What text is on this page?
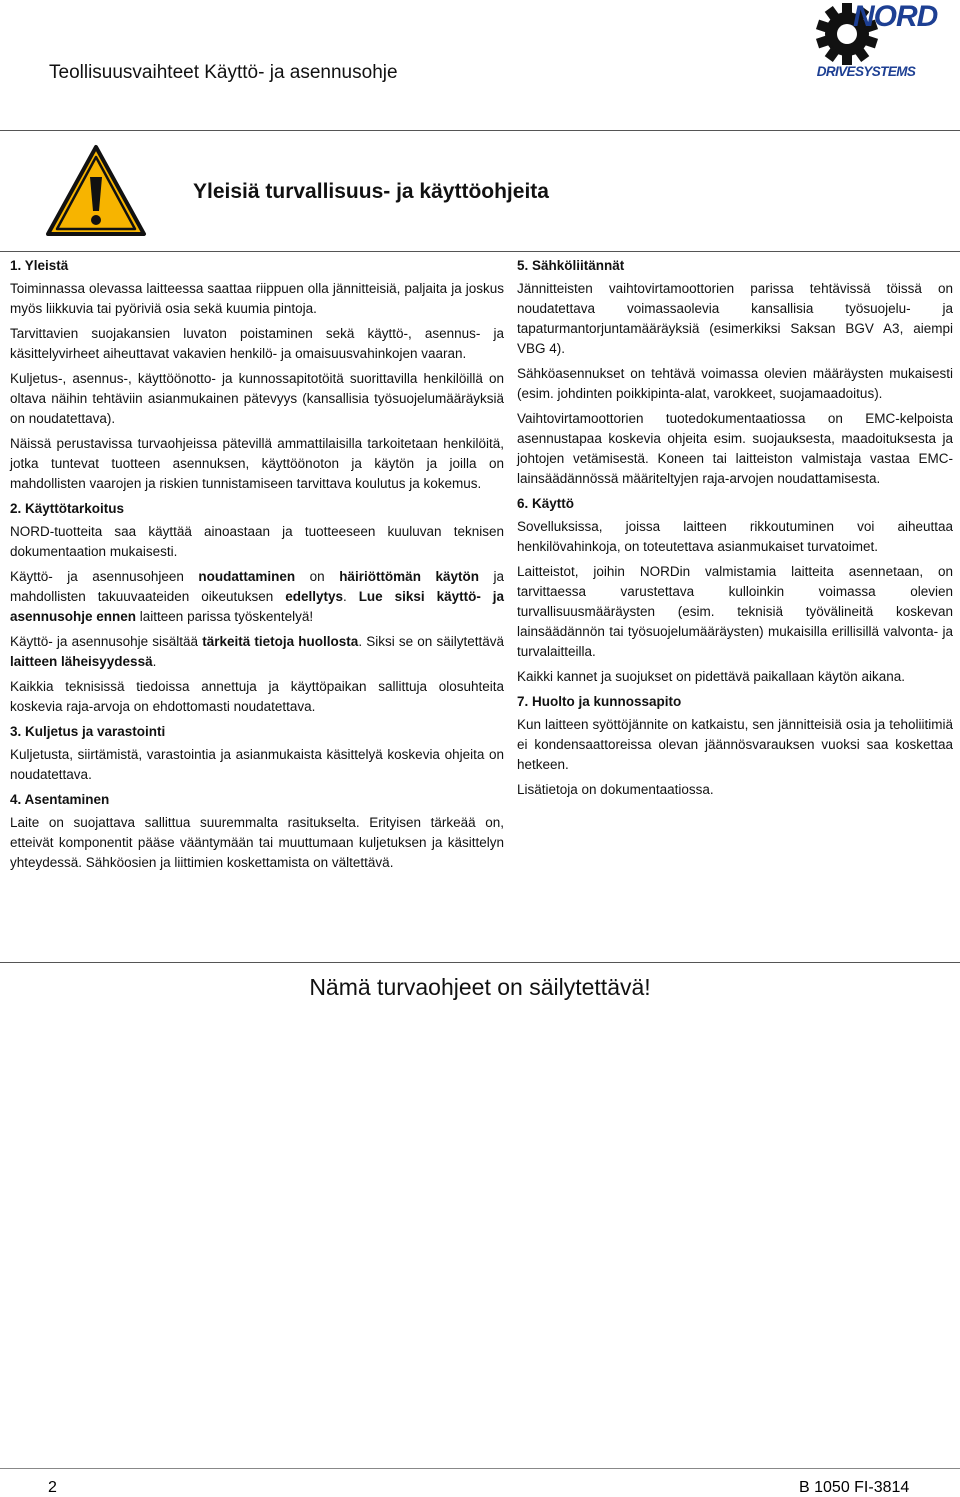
Teollisuusvaihteet Käyttö- ja asennusohje
NORD
DRIVESYSTEMS
Yleisiä turvallisuus- ja käyttöohjeita
1. Yleistä

Toiminnassa olevassa laitteessa saattaa riippuen olla jännitteisiä, paljaita ja joskus myös liikkuvia tai pyöriviä osia sekä kuumia pintoja.

Tarvittavien suojakansien luvaton poistaminen sekä käyttö-, asennus- ja käsittelyvirheet aiheuttavat vakavien henkilö- ja omaisuusvahinkojen vaaran.

Kuljetus-, asennus-, käyttöönotto- ja kunnossapitotöitä suorittavilla henkilöillä on oltava näihin tehtäviin asianmukainen pätevyys (kansallisia työsuojelumääräyksiä on noudatettava).

Näissä perustavissa turvaohjeissa pätevillä ammattilaisilla tarkoitetaan henkilöitä, jotka tuntevat tuotteen asennuksen, käyttöönoton ja käytön ja joilla on mahdollisten vaarojen ja riskien tunnistamiseen tarvittava koulutus ja kokemus.

2. Käyttötarkoitus

NORD-tuotteita saa käyttää ainoastaan ja tuotteeseen kuuluvan teknisen dokumentaation mukaisesti.

Käyttö- ja asennusohjeen noudattaminen on häiriöttömän käytön ja mahdollisten takuuvaateiden oikeutuksen edellytys. Lue siksi käyttö- ja asennusohje ennen laitteen parissa työskentelyä!

Käyttö- ja asennusohje sisältää tärkeitä tietoja huollosta. Siksi se on säilytettävä laitteen läheisyydessä.

Kaikkia teknisissä tiedoissa annettuja ja käyttöpaikan sallittuja olosuhteita koskevia raja-arvoja on ehdottomasti noudatettava.

3. Kuljetus ja varastointi

Kuljetusta, siirtämistä, varastointia ja asianmukaista käsittelyä koskevia ohjeita on noudatettava.

4. Asentaminen

Laite on suojattava sallittua suuremmalta rasitukselta. Erityisen tärkeää on, etteivät komponentit pääse vääntymään tai muuttumaan kuljetuksen ja käsittelyn yhteydessä. Sähköosien ja liittimien koskettamista on vältettävä.

5. Sähköliitännät

Jännitteisten vaihtovirtamoottorien parissa tehtävissä töissä on noudatettava voimassaolevia kansallisia työsuojelu- ja tapaturmantorjuntamääräyksiä (esimerkiksi Saksan BGV A3, aiempi VBG 4).

Sähköasennukset on tehtävä voimassa olevien määräysten mukaisesti (esim. johdinten poikkipinta-alat, varokkeet, suojamaadoitus).

Vaihtovirtamoottorien tuotedokumentaatiossa on EMC-kelpoista asennustapaa koskevia ohjeita esim. suojauksesta, maadoituksesta ja johtojen vetämisestä. Koneen tai laitteiston valmistaja vastaa EMC-lainsäädännössä määriteltyjen raja-arvojen noudattamisesta.

6. Käyttö

Sovelluksissa, joissa laitteen rikkoutuminen voi aiheuttaa henkilövahinkoja, on toteutettava asianmukaiset turvatoimet.

Laitteistot, joihin NORDin valmistamia laitteita asennetaan, on tarvittaessa varustettava kulloinkin voimassa olevien turvallisuusmääräysten (esim. teknisiä työvälineitä koskevan lainsäädännön tai työsuojelumääräysten) mukaisilla erillisillä valvonta- ja turvalaitteilla.

Kaikki kannet ja suojukset on pidettävä paikallaan käytön aikana.

7. Huolto ja kunnossapito

Kun laitteen syöttöjännite on katkaistu, sen jännitteisiä osia ja teholiitimiä ei kondensaattoreissa olevan jäännösvarauksen vuoksi saa koskettaa hetkeen.

Lisätietoja on dokumentaatiossa.

Nämä turvaohjeet on säilytettävä!
2	B 1050 FI-3814
